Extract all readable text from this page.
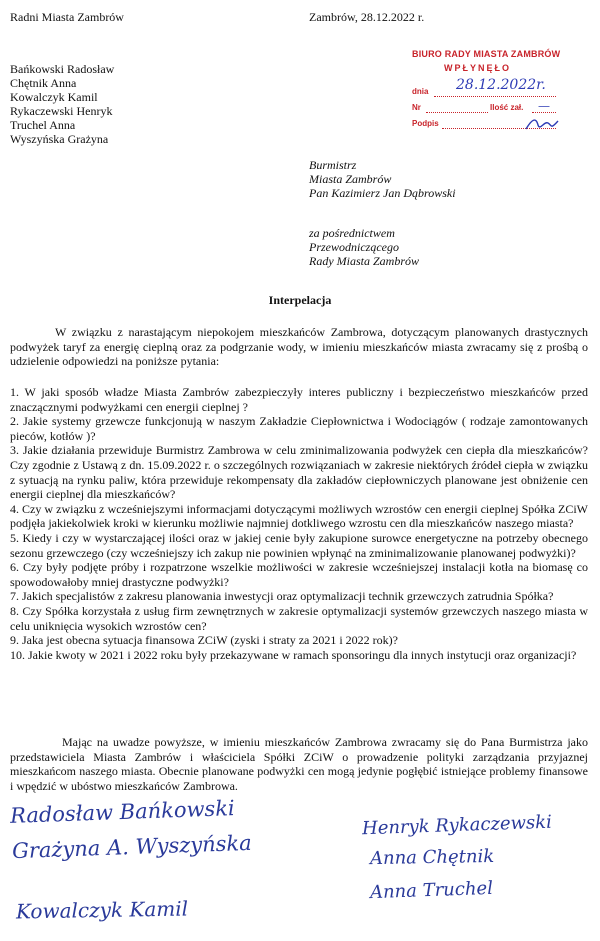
Radni Miasta Zambrów	Zambrów, 28.12.2022 r.
Bańkowski Radosław
Chętnik Anna
Kowalczyk Kamil
Rykaczewski Henryk
Truchel Anna
Wyszyńska Grażyna
BIURO RADY MIASTA ZAMBRÓW
WPŁYNĘŁO
dnia 28.12.2022r.
Nr	Ilość zał. —
Podpis
Burmistrz
Miasta Zambrów
Pan Kazimierz Jan Dąbrowski
za pośrednictwem
Przewodniczącego
Rady Miasta Zambrów
Interpelacja
W związku z narastającym niepokojem mieszkańców Zambrowa, dotyczącym planowanych drastycznych podwyżek taryf za energię cieplną oraz za podgrzanie wody, w imieniu mieszkańców miasta zwracamy się z prośbą o udzielenie odpowiedzi na poniższe pytania:
1. W jaki sposób władze Miasta Zambrów zabezpieczyły interes publiczny i bezpieczeństwo mieszkańców przed znaczącznymi podwyżkami cen energii cieplnej ?
2. Jakie systemy grzewcze funkcjonują w naszym Zakładzie Ciepłownictwa i Wodociągów ( rodzaje zamontowanych pieców, kotłów )?
3. Jakie działania przewiduje Burmistrz Zambrowa w celu zminimalizowania podwyżek cen ciepła dla mieszkańców? Czy zgodnie z Ustawą z dn. 15.09.2022 r. o szczególnych rozwiązaniach w zakresie niektórych źródeł ciepła w związku z sytuacją na rynku paliw, która przewiduje rekompensaty dla zakładów ciepłowniczych planowane jest obniżenie cen energii cieplnej dla mieszkańców?
4. Czy w związku z wcześniejszymi informacjami dotyczącymi możliwych wzrostów cen energii cieplnej Spółka ZCiW podjęła jakiekolwiek kroki w kierunku możliwie najmniej dotkliwego wzrostu cen dla mieszkańców naszego miasta?
5. Kiedy i czy w wystarczającej ilości oraz w jakiej cenie były zakupione surowce energetyczne na potrzeby obecnego sezonu grzewczego (czy wcześniejszy ich zakup nie powinien wpłynąć na zminimalizowanie planowanej podwyżki)?
6. Czy były podjęte próby i rozpatrzone wszelkie możliwości w zakresie wcześniejszej instalacji kotła na biomasę co spowodowałoby mniej drastyczne podwyżki?
7. Jakich specjalistów z zakresu planowania inwestycji oraz optymalizacji technik grzewczych zatrudnia Spółka?
8. Czy Spółka korzystała z usług firm zewnętrznych w zakresie optymalizacji systemów grzewczych naszego miasta w celu uniknięcia wysokich wzrostów cen?
9. Jaka jest obecna sytuacja finansowa ZCiW (zyski i straty za 2021 i 2022 rok)?
10. Jakie kwoty w 2021 i 2022 roku były przekazywane w ramach sponsoringu dla innych instytucji oraz organizacji?
Mając na uwadze powyższe, w imieniu mieszkańców Zambrowa zwracamy się do Pana Burmistrza jako przedstawiciela Miasta Zambrów i właściciela Spółki ZCiW o prowadzenie polityki zarządzania przyjaznej mieszkańcom naszego miasta. Obecnie planowane podwyżki cen mogą jedynie pogłębić istniejące problemy finansowe i wpędzić w ubóstwo mieszkańców Zambrowa.
Radosław Bańkowski
Grażyna A. Wyszyńska
Kowalczyk Kamil
Henryk Rykaczewski
Anna Chętnik
Anna Truchel
